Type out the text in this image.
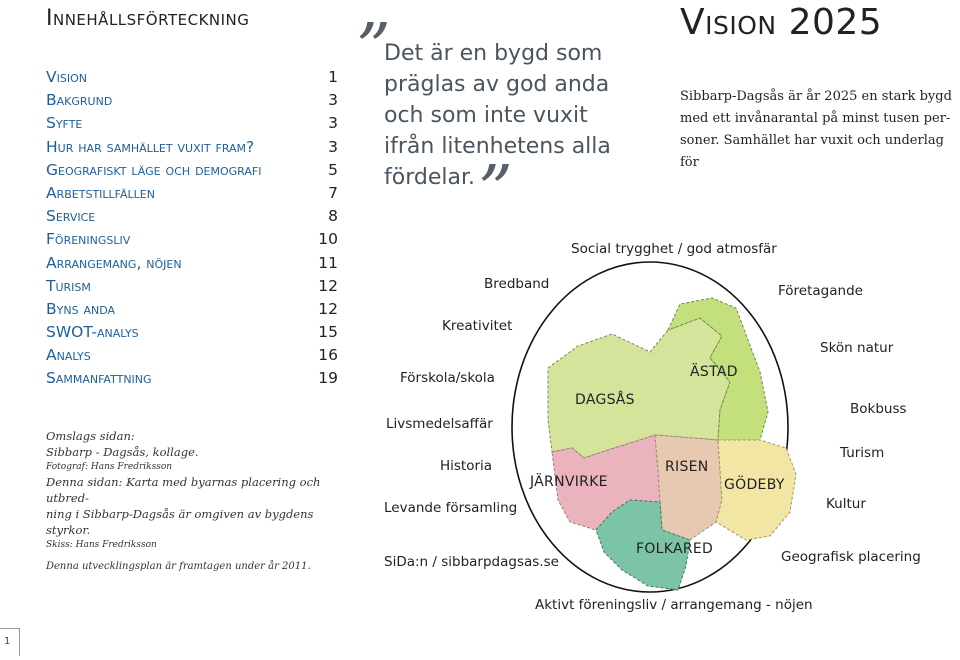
Innehållsförteckning
Vision	1
Bakgrund	3
Syfte	3
Hur har samhället vuxit fram?	3
Geografiskt läge och demografi	5
Arbetstillfällen	7
Service	8
Föreningsliv	10
Arrangemang, nöjen	11
Turism	12
Byns anda	12
SWOT-analys	15
Analys	16
Sammanfattning	19
Omslags sidan:
Sibbarp - Dagsås, kollage.
Fotograf: Hans Fredriksson
Denna sidan: Karta med byarnas placering och utbred-
ning i Sibbarp-Dagsås är omgiven av bygdens styrkor.
Skiss: Hans Fredriksson
Denna utvecklingsplan är framtagen under år 2011.
1
”
Det är en bygd som präglas av god anda och som inte vuxit ifrån litenhetens alla fördelar. ”
Vision 2025
Sibbarp-Dagsås är år 2025 en stark bygd
med ett invånarantal på minst tusen per-
soner. Samhället har vuxit och underlag för
Bredband
Kreativitet
Förskola/skola
Livsmedelsaffär
Historia
Levande församling
SiDa:n / sibbarpdagsas.se
Social trygghet / god atmosfär
Aktivt föreningsliv / arrangemang - nöjen
Företagande
Skön natur
Bokbuss
Turism
Kultur
Geografisk placering
DAGSÅS
ÄSTAD
JÄRNVIRKE
RISEN
GÖDEBY
FOLKARED
